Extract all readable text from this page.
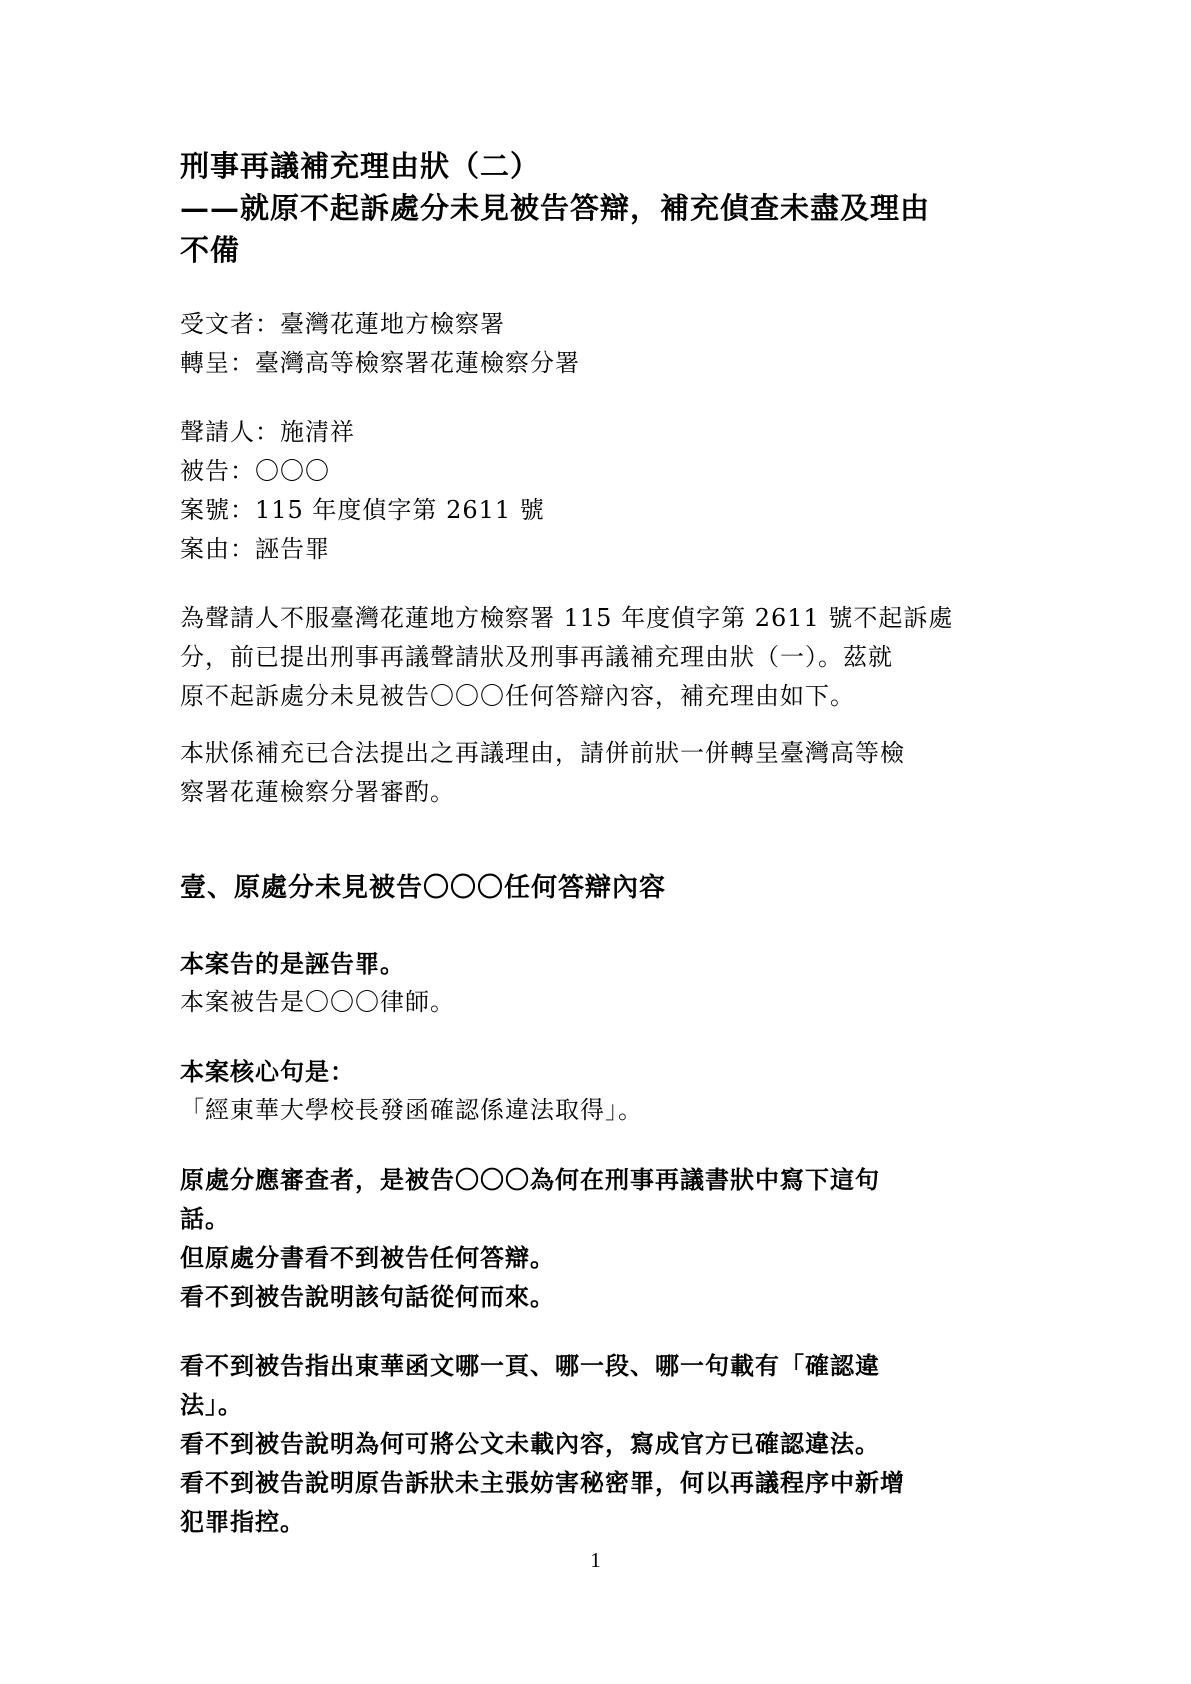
刑事再議補充理由狀（二）
——就原不起訴處分未見被告答辯，補充偵查未盡及理由
不備

受文者：臺灣花蓮地方檢察署

轉呈：臺灣高等檢察署花蓮檢察分署

聲請人：施清祥

被告：〇〇〇

案號：115 年度偵字第 2611 號

案由：誣告罪

為聲請人不服臺灣花蓮地方檢察署 115 年度偵字第 2611 號不起訴處

分，前已提出刑事再議聲請狀及刑事再議補充理由狀（一）。茲就

原不起訴處分未見被告〇〇〇任何答辯內容，補充理由如下。

本狀係補充已合法提出之再議理由，請併前狀一併轉呈臺灣高等檢

察署花蓮檢察分署審酌。

壹、原處分未見被告〇〇〇任何答辯內容

本案告的是誣告罪。

本案被告是〇〇〇律師。

本案核心句是：

「經東華大學校長發函確認係違法取得」。

原處分應審查者，是被告〇〇〇為何在刑事再議書狀中寫下這句

話。

但原處分書看不到被告任何答辯。

看不到被告說明該句話從何而來。

看不到被告指出東華函文哪一頁、哪一段、哪一句載有「確認違

法」。

看不到被告說明為何可將公文未載內容，寫成官方已確認違法。

看不到被告說明原告訴狀未主張妨害秘密罪，何以再議程序中新增

犯罪指控。

1
